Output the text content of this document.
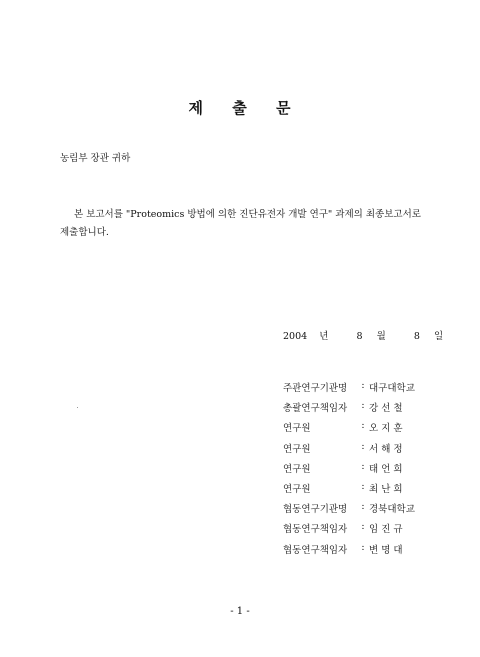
제 출 문
농림부 장관 귀하
본 보고서를 "Proteomics 방법에 의한 진단유전자 개발 연구" 과제의 최종보고서로
제출합니다.
2004 년	8 월	8 일
주관연구기관명	: 대구대학교
총괄연구책임자	: 강 선 철
연구원	: 오 지 훈
연구원	: 서 해 정
연구원	: 태 언 희
연구원	: 최 난 희
협동연구기관명	: 경북대학교
협동연구책임자	: 임 진 규
협동연구책임자	: 변 명 대
- 1 -
